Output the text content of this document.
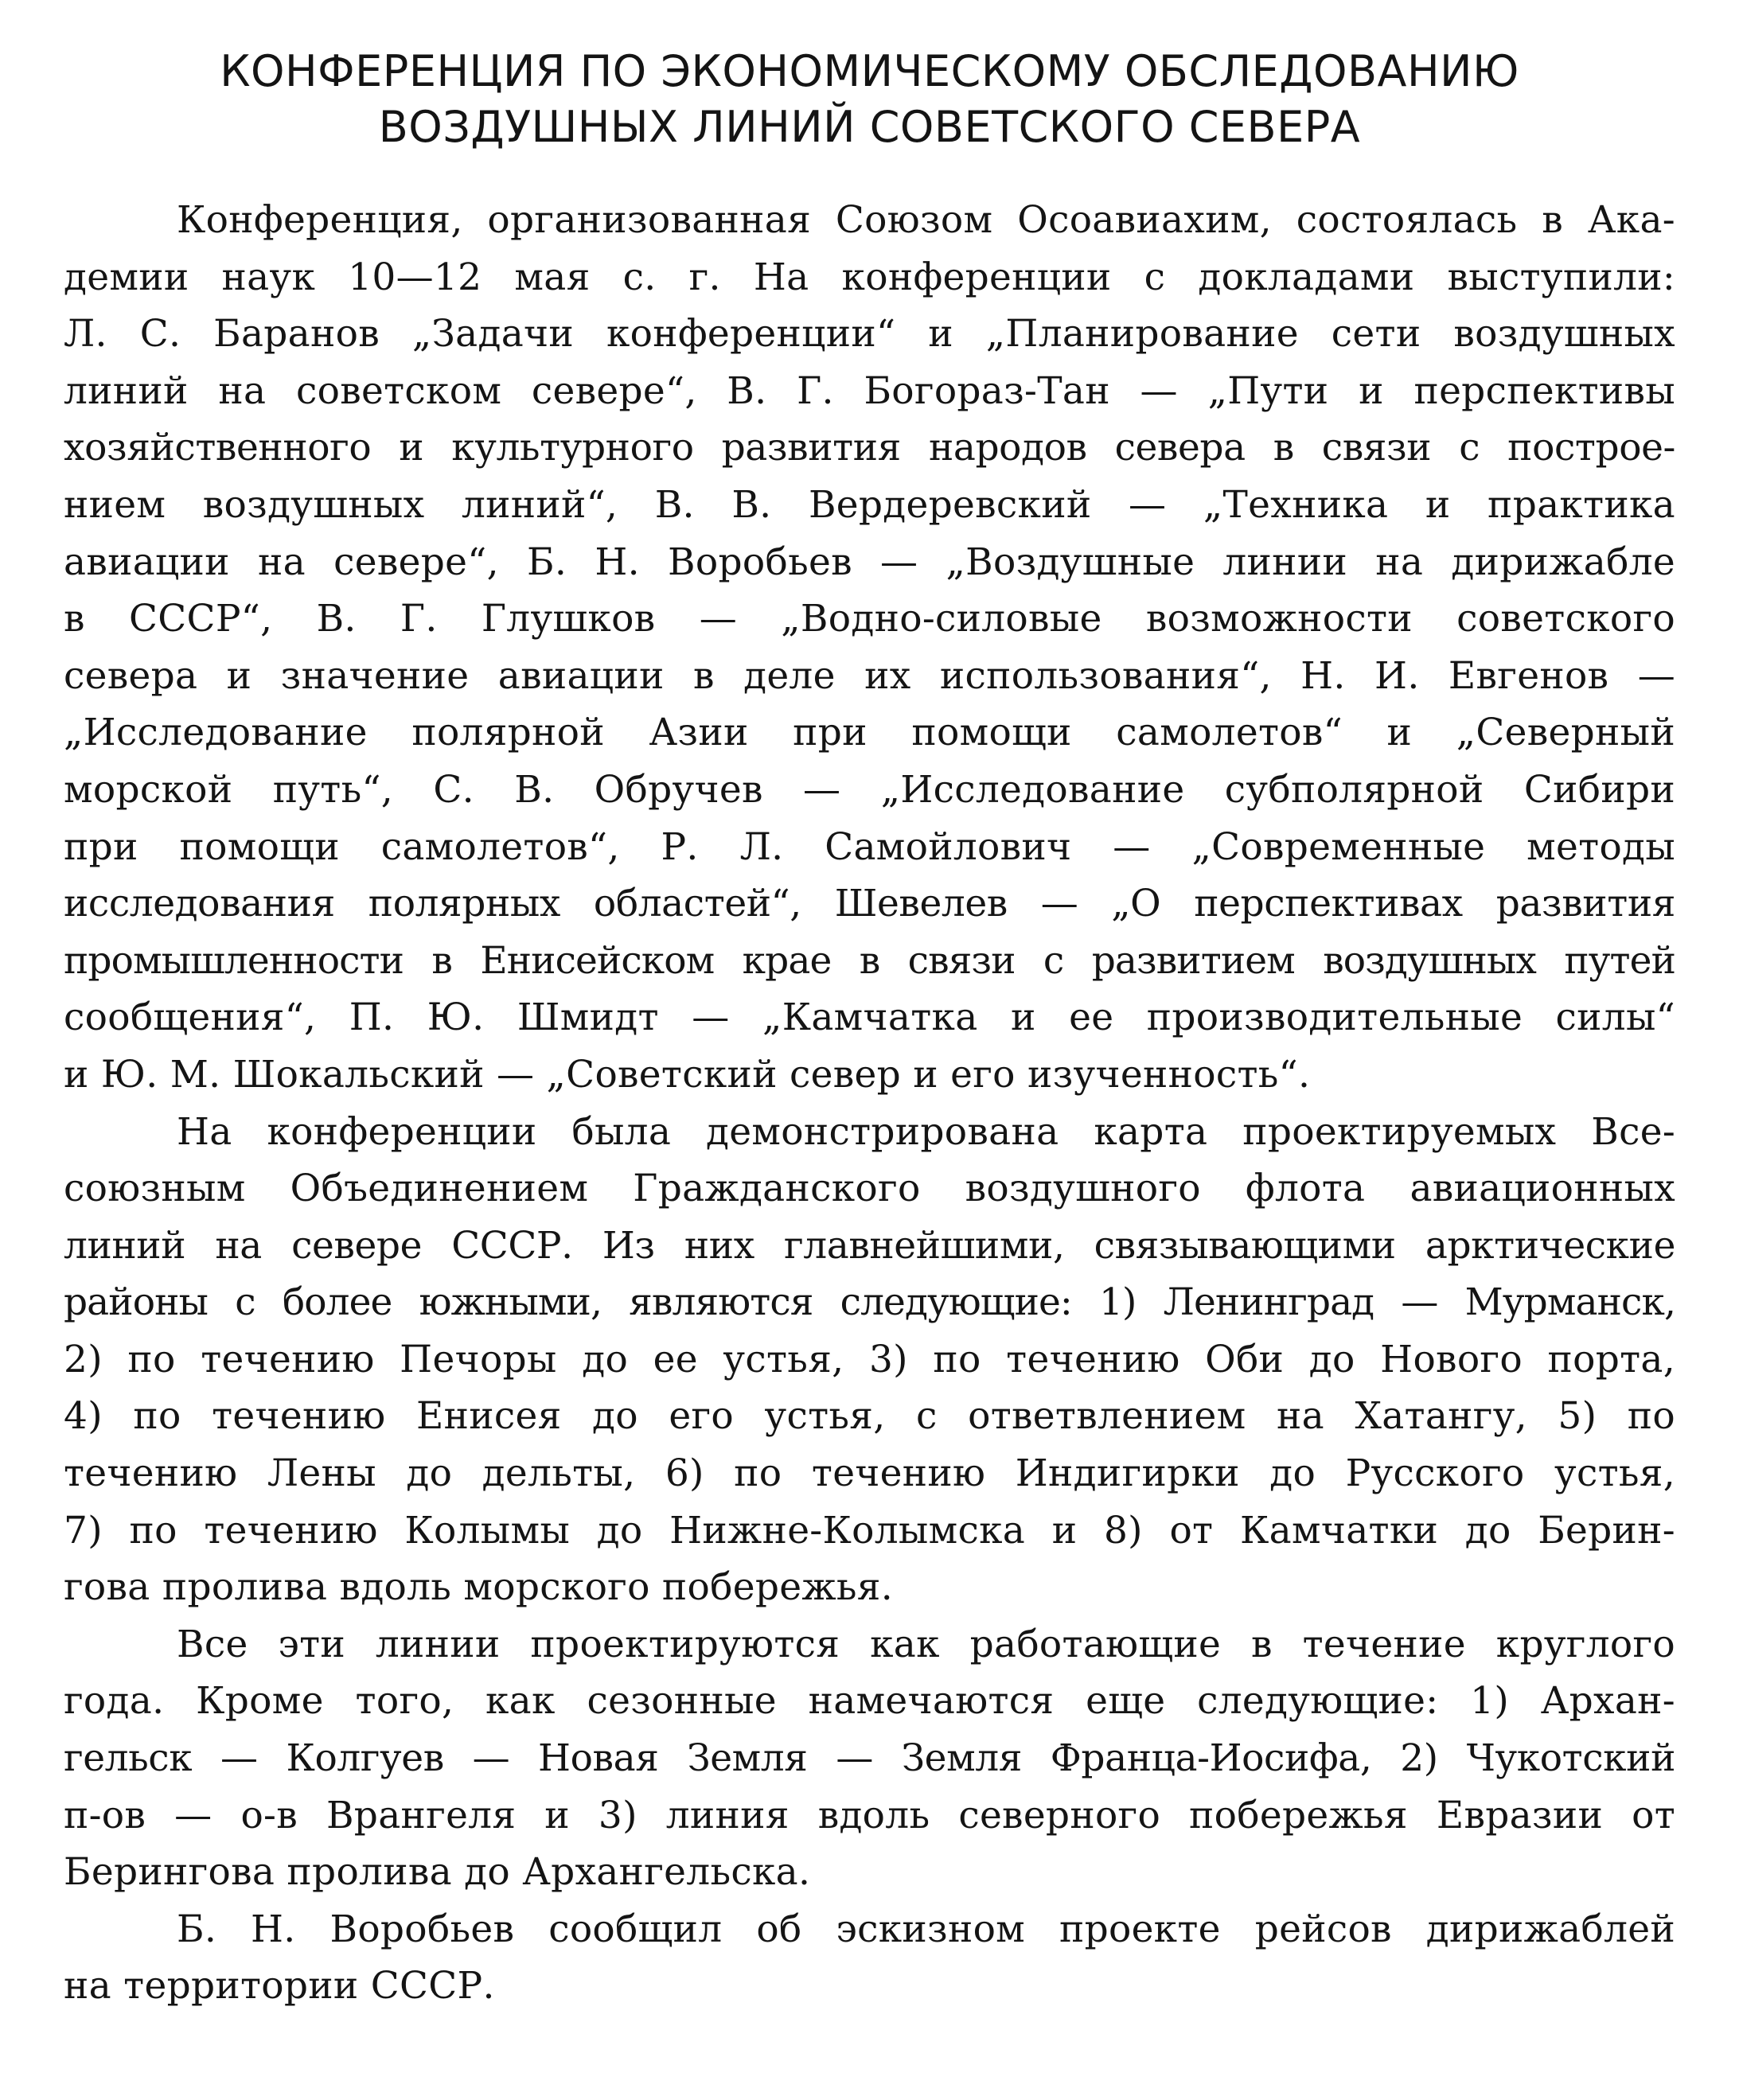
КОНФЕРЕНЦИЯ ПО ЭКОНОМИЧЕСКОМУ ОБСЛЕДОВАНИЮ
ВОЗДУШНЫХ ЛИНИЙ СОВЕТСКОГО СЕВЕРА
Конференция, организованная Союзом Осоавиахим, состоялась в Ака-
демии наук 10—12 мая с. г. На конференции с докладами выступили:
Л. С. Баранов „Задачи конференции“ и „Планирование сети воздушных
линий на советском севере“, В. Г. Богораз-Тан — „Пути и перспективы
хозяйственного и культурного развития народов севера в связи с построе-
нием воздушных линий“, В. В. Вердеревский — „Техника и практика
авиации на севере“, Б. Н. Воробьев — „Воздушные линии на дирижабле
в СССР“, В. Г. Глушков — „Водно-силовые возможности советского
севера и значение авиации в деле их использования“, Н. И. Евгенов —
„Исследование полярной Азии при помощи самолетов“ и „Северный
морской путь“, С. В. Обручев — „Исследование субполярной Сибири
при помощи самолетов“, Р. Л. Самойлович — „Современные методы
исследования полярных областей“, Шевелев — „О перспективах развития
промышленности в Енисейском крае в связи с развитием воздушных путей
сообщения“, П. Ю. Шмидт — „Камчатка и ее производительные силы“
и Ю. М. Шокальский — „Советский север и его изученность“.
На конференции была демонстрирована карта проектируемых Все-
союзным Объединением Гражданского воздушного флота авиационных
линий на севере СССР. Из них главнейшими, связывающими арктические
районы с более южными, являются следующие: 1) Ленинград — Мурманск,
2) по течению Печоры до ее устья, 3) по течению Оби до Нового порта,
4) по течению Енисея до его устья, с ответвлением на Хатангу, 5) по
течению Лены до дельты, 6) по течению Индигирки до Русского устья,
7) по течению Колымы до Нижне-Колымска и 8) от Камчатки до Берин-
гова пролива вдоль морского побережья.
Все эти линии проектируются как работающие в течение круглого
года. Кроме того, как сезонные намечаются еще следующие: 1) Архан-
гельск — Колгуев — Новая Земля — Земля Франца-Иосифа, 2) Чукотский
п-ов — о-в Врангеля и 3) линия вдоль северного побережья Евразии от
Берингова пролива до Архангельска.
Б. Н. Воробьев сообщил об эскизном проекте рейсов дирижаблей
на территории СССР.
